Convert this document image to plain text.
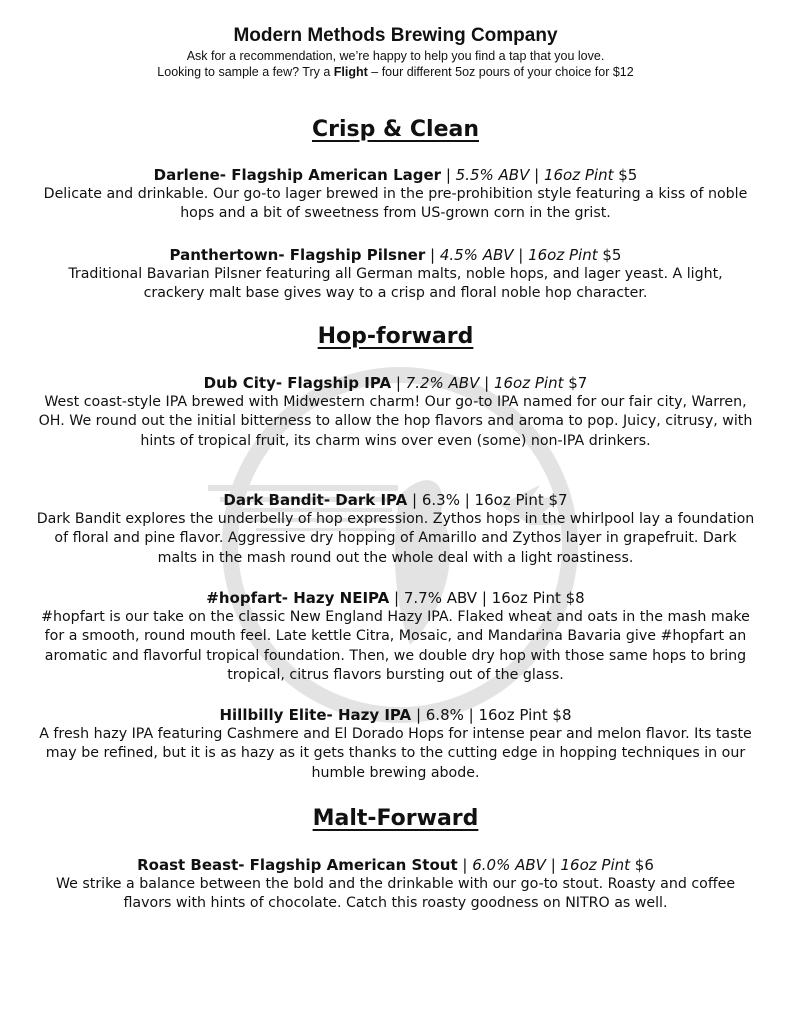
Modern Methods Brewing Company

Ask for a recommendation, we’re happy to help you find a tap that you love.

Looking to sample a few? Try a Flight – four different 5oz pours of your choice for $12

Crisp & Clean

Darlene- Flagship American Lager | 5.5% ABV | 16oz Pint $5

Delicate and drinkable. Our go-to lager brewed in the pre-prohibition style featuring a kiss of noble hops and a bit of sweetness from US-grown corn in the grist.

Panthertown- Flagship Pilsner | 4.5% ABV | 16oz Pint $5

Traditional Bavarian Pilsner featuring all German malts, noble hops, and lager yeast. A light, crackery malt base gives way to a crisp and floral noble hop character.

Hop-forward

Dub City- Flagship IPA | 7.2% ABV | 16oz Pint $7

West coast-style IPA brewed with Midwestern charm! Our go-to IPA named for our fair city, Warren, OH. We round out the initial bitterness to allow the hop flavors and aroma to pop. Juicy, citrusy, with hints of tropical fruit, its charm wins over even (some) non-IPA drinkers.

Dark Bandit- Dark IPA | 6.3% | 16oz Pint $7

Dark Bandit explores the underbelly of hop expression. Zythos hops in the whirlpool lay a foundation of floral and pine flavor. Aggressive dry hopping of Amarillo and Zythos layer in grapefruit. Dark malts in the mash round out the whole deal with a light roastiness.

#hopfart- Hazy NEIPA | 7.7% ABV | 16oz Pint $8

#hopfart is our take on the classic New England Hazy IPA. Flaked wheat and oats in the mash make for a smooth, round mouth feel. Late kettle Citra, Mosaic, and Mandarina Bavaria give #hopfart an aromatic and flavorful tropical foundation. Then, we double dry hop with those same hops to bring tropical, citrus flavors bursting out of the glass.

Hillbilly Elite- Hazy IPA | 6.8% | 16oz Pint $8

A fresh hazy IPA featuring Cashmere and El Dorado Hops for intense pear and melon flavor. Its taste may be refined, but it is as hazy as it gets thanks to the cutting edge in hopping techniques in our humble brewing abode.

Malt-Forward

Roast Beast- Flagship American Stout | 6.0% ABV | 16oz Pint $6

We strike a balance between the bold and the drinkable with our go-to stout. Roasty and coffee flavors with hints of chocolate. Catch this roasty goodness on NITRO as well.
